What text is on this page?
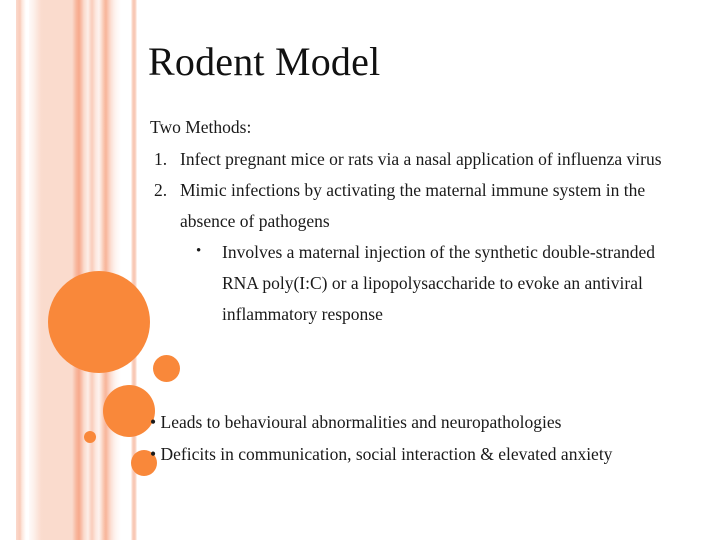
Rodent Model

Two Methods:

1. Infect pregnant mice or rats via a nasal application of influenza virus
2. Mimic infections by activating the maternal immune system in the absence of pathogens
• Involves a maternal injection of the synthetic double-stranded RNA poly(I:C) or a lipopolysaccharide to evoke an antiviral inflammatory response

• Leads to behavioural abnormalities and neuropathologies

• Deficits in communication, social interaction & elevated anxiety
